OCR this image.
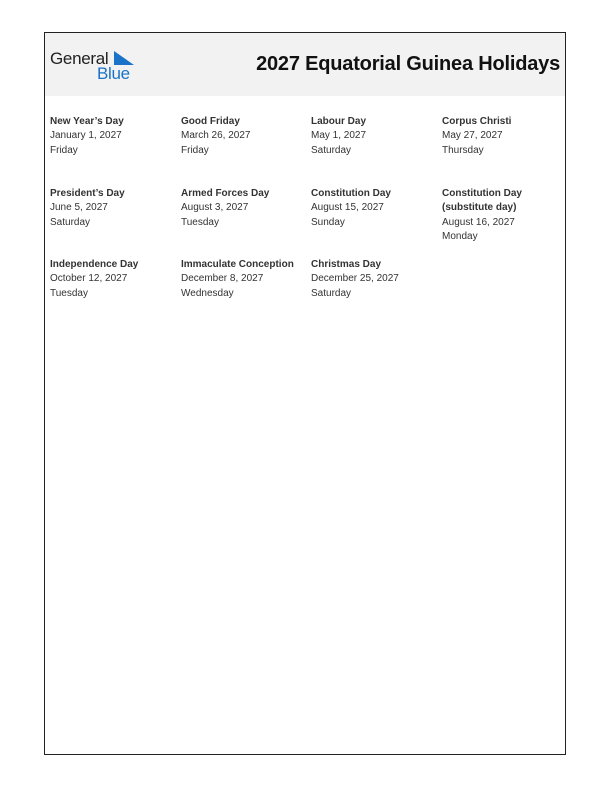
General
Blue	2027 Equatorial Guinea Holidays
New Year’s Day
January 1, 2027
Friday
Good Friday
March 26, 2027
Friday
Labour Day
May 1, 2027
Saturday
Corpus Christi
May 27, 2027
Thursday
President’s Day
June 5, 2027
Saturday
Armed Forces Day
August 3, 2027
Tuesday
Constitution Day
August 15, 2027
Sunday
Constitution Day
(substitute day)
August 16, 2027
Monday
Independence Day
October 12, 2027
Tuesday
Immaculate Conception
December 8, 2027
Wednesday
Christmas Day
December 25, 2027
Saturday
